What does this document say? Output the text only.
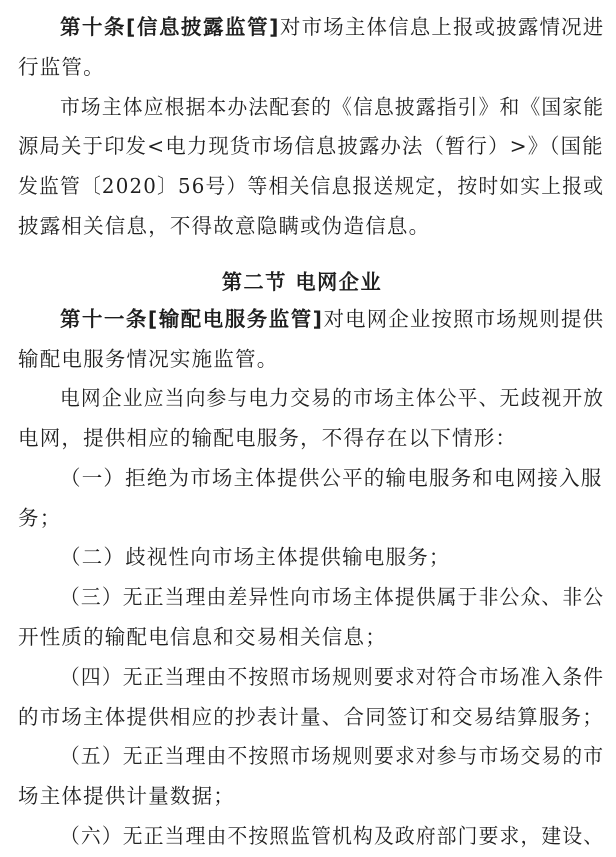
第十条[信息披露监管]对市场主体信息上报或披露情况进
行监管。
市场主体应根据本办法配套的《信息披露指引》和《国家能
源局关于印发<电力现货市场信息披露办法（暂行）>》（国能
发监管〔2020〕56号）等相关信息报送规定，按时如实上报或
披露相关信息，不得故意隐瞒或伪造信息。
第二节 电网企业
第十一条[输配电服务监管]对电网企业按照市场规则提供
输配电服务情况实施监管。
电网企业应当向参与电力交易的市场主体公平、无歧视开放
电网，提供相应的输配电服务，不得存在以下情形：
（一）拒绝为市场主体提供公平的输电服务和电网接入服
务；
（二）歧视性向市场主体提供输电服务；
（三）无正当理由差异性向市场主体提供属于非公众、非公
开性质的输配电信息和交易相关信息；
（四）无正当理由不按照市场规则要求对符合市场准入条件
的市场主体提供相应的抄表计量、合同签订和交易结算服务；
（五）无正当理由不按照市场规则要求对参与市场交易的市
场主体提供计量数据；
（六）无正当理由不按照监管机构及政府部门要求，建设、
